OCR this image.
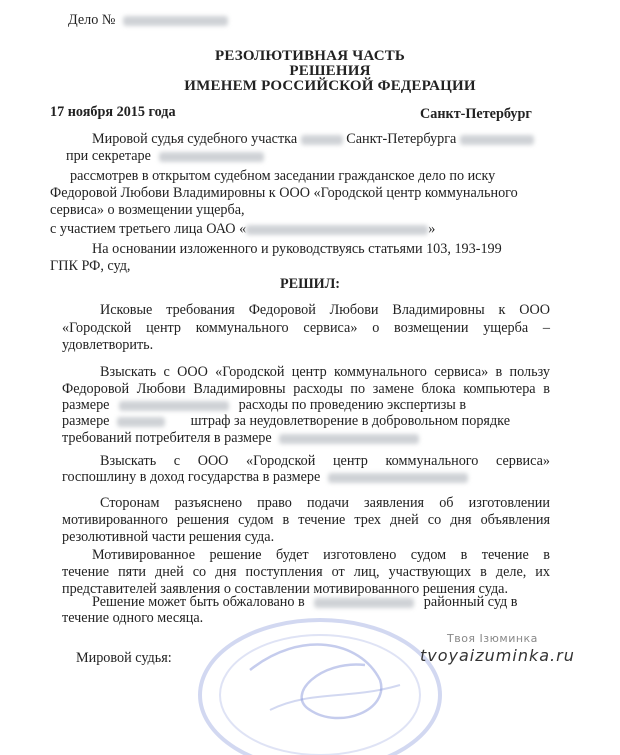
Дело №
РЕЗОЛЮТИВНАЯ ЧАСТЬ
РЕШЕНИЯ
ИМЕНЕМ РОССИЙСКОЙ ФЕДЕРАЦИИ
17 ноября 2015 года	Санкт-Петербург
Мировой судья судебного участка	Санкт-Петербурга
при секретаре
рассмотрев в открытом судебном заседании гражданское дело по иску
Федоровой Любови Владимировны к ООО «Городской центр коммунального
сервиса» о возмещении ущерба,
с участием третьего лица ОАО «	»
На основании изложенного и руководствуясь статьями 103, 193-199
ГПК РФ, суд,
РЕШИЛ:
Исковые требования Федоровой Любови Владимировны к ООО
«Городской центр коммунального сервиса» о возмещении ущерба –
удовлетворить.
Взыскать с ООО «Городской центр коммунального сервиса» в пользу
Федоровой Любови Владимировны расходы по замене блока компьютера в
размере	расходы по проведению экспертизы в
размере	штраф за неудовлетворение в добровольном порядке
требований потребителя в размере
Взыскать с ООО «Городской центр коммунального сервиса»
госпошлину в доход государства в размере
Сторонам разъяснено право подачи заявления об изготовлении
мотивированного решения судом в течение трех дней со дня объявления
резолютивной части решения суда.
Мотивированное решение будет изготовлено судом в течение в
течение пяти дней со дня поступления от лиц, участвующих в деле, их
представителей заявления о составлении мотивированного решения суда.
Решение может быть обжаловано в	районный суд в
течение одного месяца.
Мировой судья:
Твоя Ізюминка
tvoyaizuminka.ru
